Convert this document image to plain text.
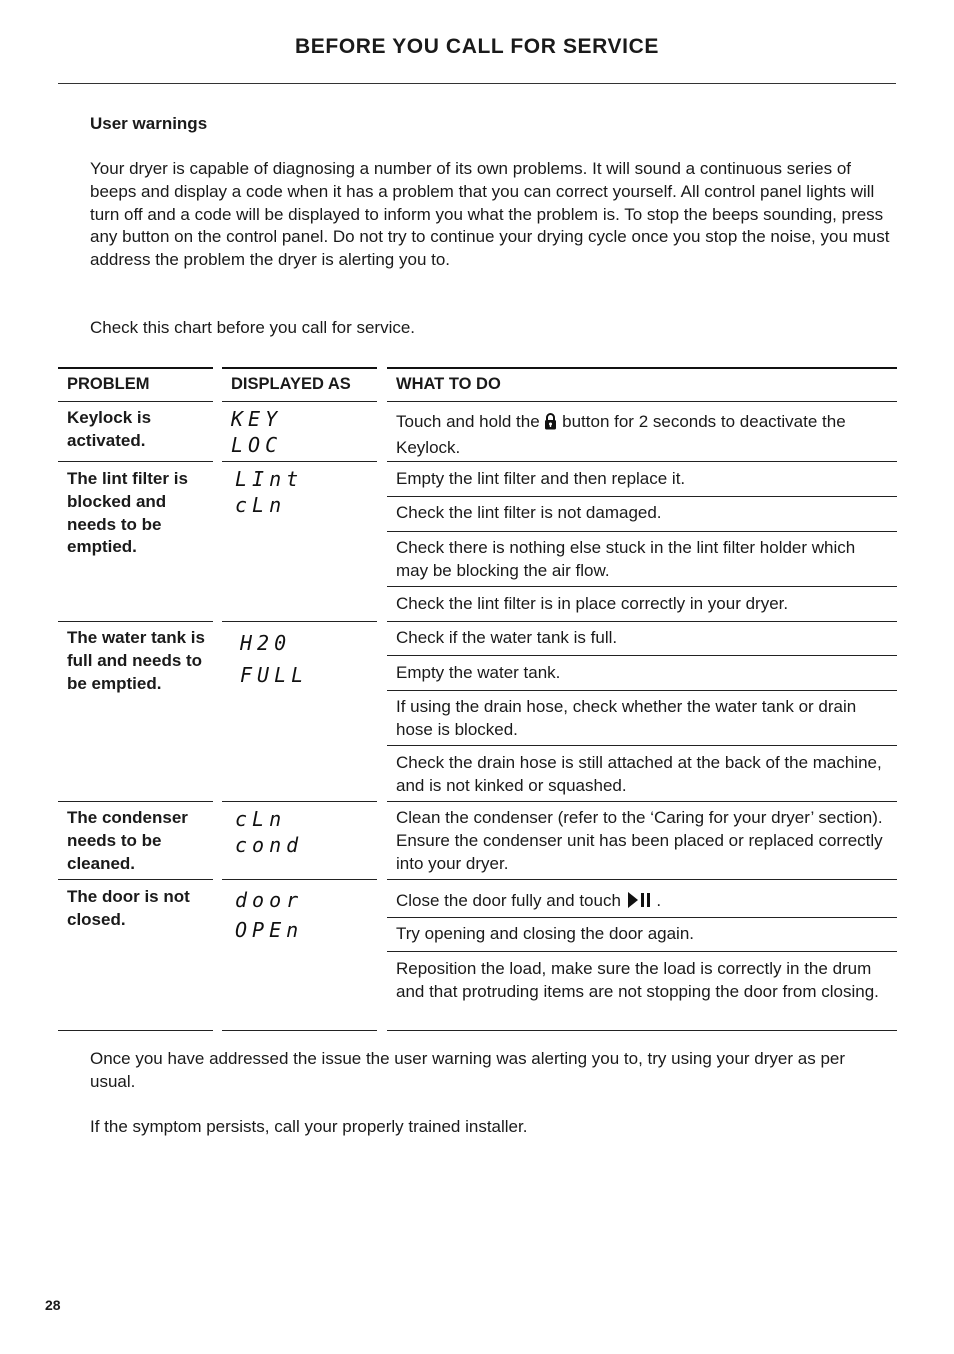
BEFORE YOU CALL FOR SERVICE
User warnings
Your dryer is capable of diagnosing a number of its own problems. It will sound a continuous series of beeps and display a code when it has a problem that you can correct yourself. All control panel lights will turn off and a code will be displayed to inform you what the problem is. To stop the beeps sounding, press any button on the control panel. Do not try to continue your drying cycle once you stop the noise, you must address the problem the dryer is alerting you to.
Check this chart before you call for service.
PROBLEM	DISPLAYED AS	WHAT TO DO
Keylock is activated.
KEY
LOC
Touch and hold the button for 2 seconds to deactivate the Keylock.
The lint filter is blocked and needs to be emptied.
LInt
cLn
Empty the lint filter and then replace it.
Check the lint filter is not damaged.
Check there is nothing else stuck in the lint filter holder which may be blocking the air flow.
Check the lint filter is in place correctly in your dryer.
The water tank is full and needs to be emptied.
H20
FULL
Check if the water tank is full.
Empty the water tank.
If using the drain hose, check whether the water tank or drain hose is blocked.
Check the drain hose is still attached at the back of the machine, and is not kinked or squashed.
The condenser needs to be cleaned.
cLn
cond
Clean the condenser (refer to the ‘Caring for your dryer’ section). Ensure the condenser unit has been placed or replaced correctly into your dryer.
The door is not closed.
door
OPEn
Close the door fully and touch .
Try opening and closing the door again.
Reposition the load, make sure the load is correctly in the drum and that protruding items are not stopping the door from closing.
Once you have addressed the issue the user warning was alerting you to, try using your dryer as per usual.
If the symptom persists, call your properly trained installer.
28
